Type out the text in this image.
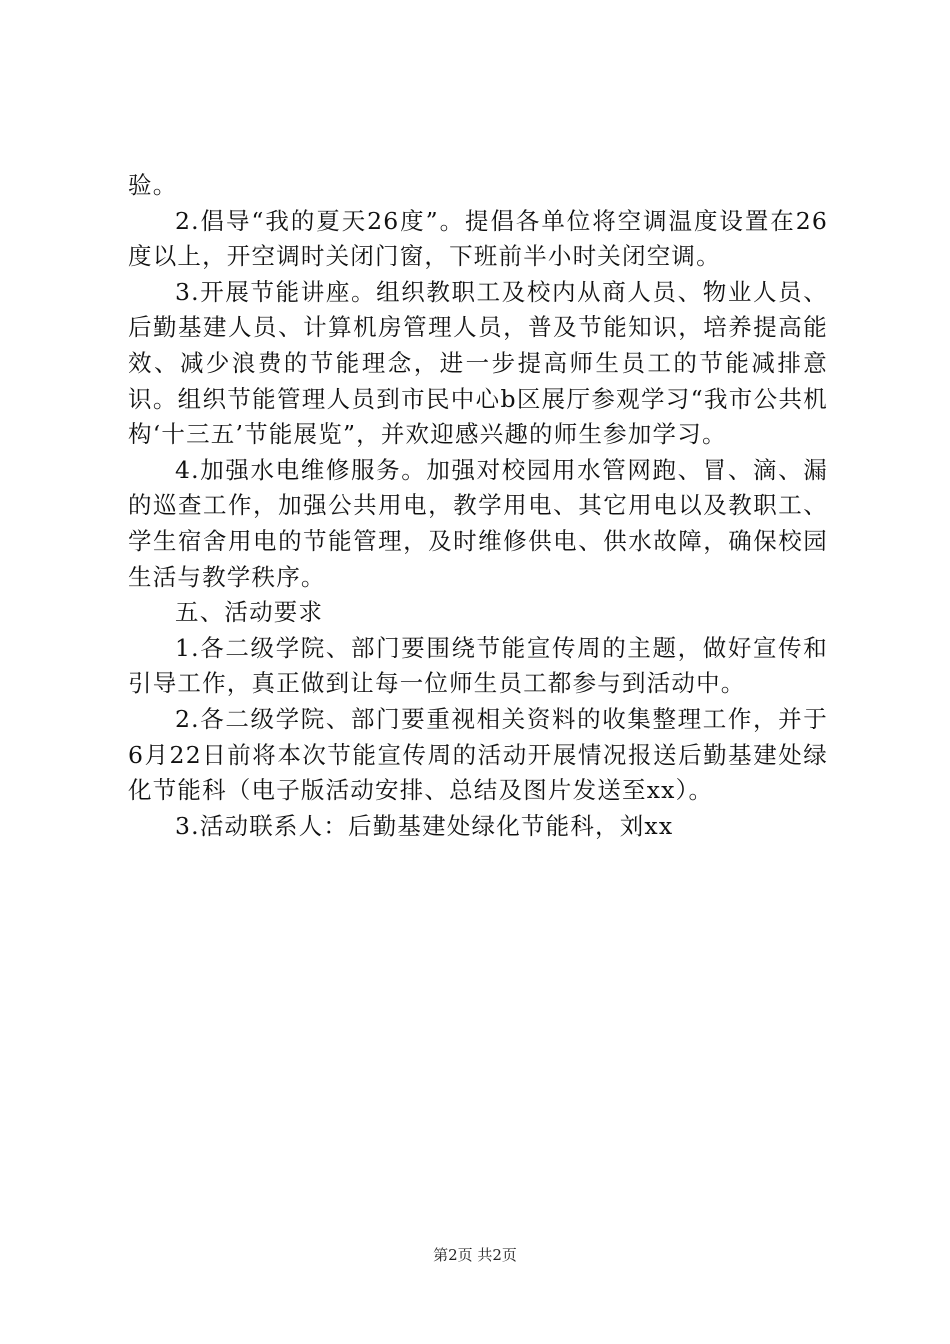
验。

2.倡导“我的夏天26度”。提倡各单位将空调温度设置在26度以上，开空调时关闭门窗，下班前半小时关闭空调。

3.开展节能讲座。组织教职工及校内从商人员、物业人员、后勤基建人员、计算机房管理人员，普及节能知识，培养提高能效、减少浪费的节能理念，进一步提高师生员工的节能减排意识。组织节能管理人员到市民中心b区展厅参观学习“我市公共机构‘十三五’节能展览”，并欢迎感兴趣的师生参加学习。

4.加强水电维修服务。加强对校园用水管网跑、冒、滴、漏的巡查工作，加强公共用电，教学用电、其它用电以及教职工、学生宿舍用电的节能管理，及时维修供电、供水故障，确保校园生活与教学秩序。

五、活动要求

1.各二级学院、部门要围绕节能宣传周的主题，做好宣传和引导工作，真正做到让每一位师生员工都参与到活动中。

2.各二级学院、部门要重视相关资料的收集整理工作，并于6月22日前将本次节能宣传周的活动开展情况报送后勤基建处绿化节能科（电子版活动安排、总结及图片发送至xx）。

3.活动联系人：后勤基建处绿化节能科，刘xx

第2页 共2页
